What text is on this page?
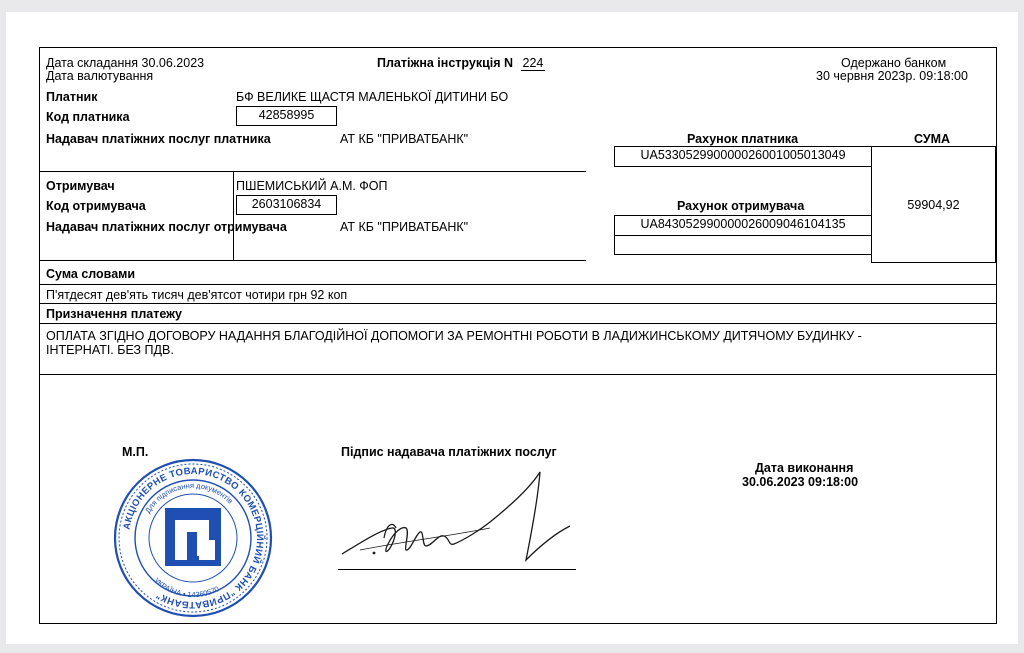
Дата складання 30.06.2023
Дата валютування
Платіжна інструкція N 224	Одержано банком
30 червня 2023р. 09:18:00
Платник	БФ ВЕЛИКЕ ЩАСТЯ МАЛЕНЬКОЇ ДИТИНИ БО
Код платника	42858995
Надавач платіжних послуг платника	АТ КБ "ПРИВАТБАНК"	Рахунок платника	СУМА
UA533052990000026001005013049
59904,92
Отримувач	ПШЕМИСЬКИЙ А.М. ФОП
Код отримувача	2603106834
Надавач платіжних послуг отримувача	АТ КБ "ПРИВАТБАНК"
Рахунок отримувача
UA843052990000026009046104135
Сума словами
П'ятдесят дев'ять тисяч дев'ятсот чотири грн 92 коп
Призначення платежу
ОПЛАТА ЗГІДНО ДОГОВОРУ НАДАННЯ БЛАГОДІЙНОЇ ДОПОМОГИ ЗА РЕМОНТНІ РОБОТИ В ЛАДИЖИНСЬКОМУ ДИТЯЧОМУ БУДИНКУ -
ІНТЕРНАТІ. БЕЗ ПДВ.
М.П.	Підпис надавача платіжних послуг
Дата виконання
30.06.2023 09:18:00
АКЦІОНЕРНЕ ТОВАРИСТВО КОМЕРЦІЙНИЙ БАНК "ПРИВАТБАНК"
Для підписання документів
УКРАЇНА • 14360570
